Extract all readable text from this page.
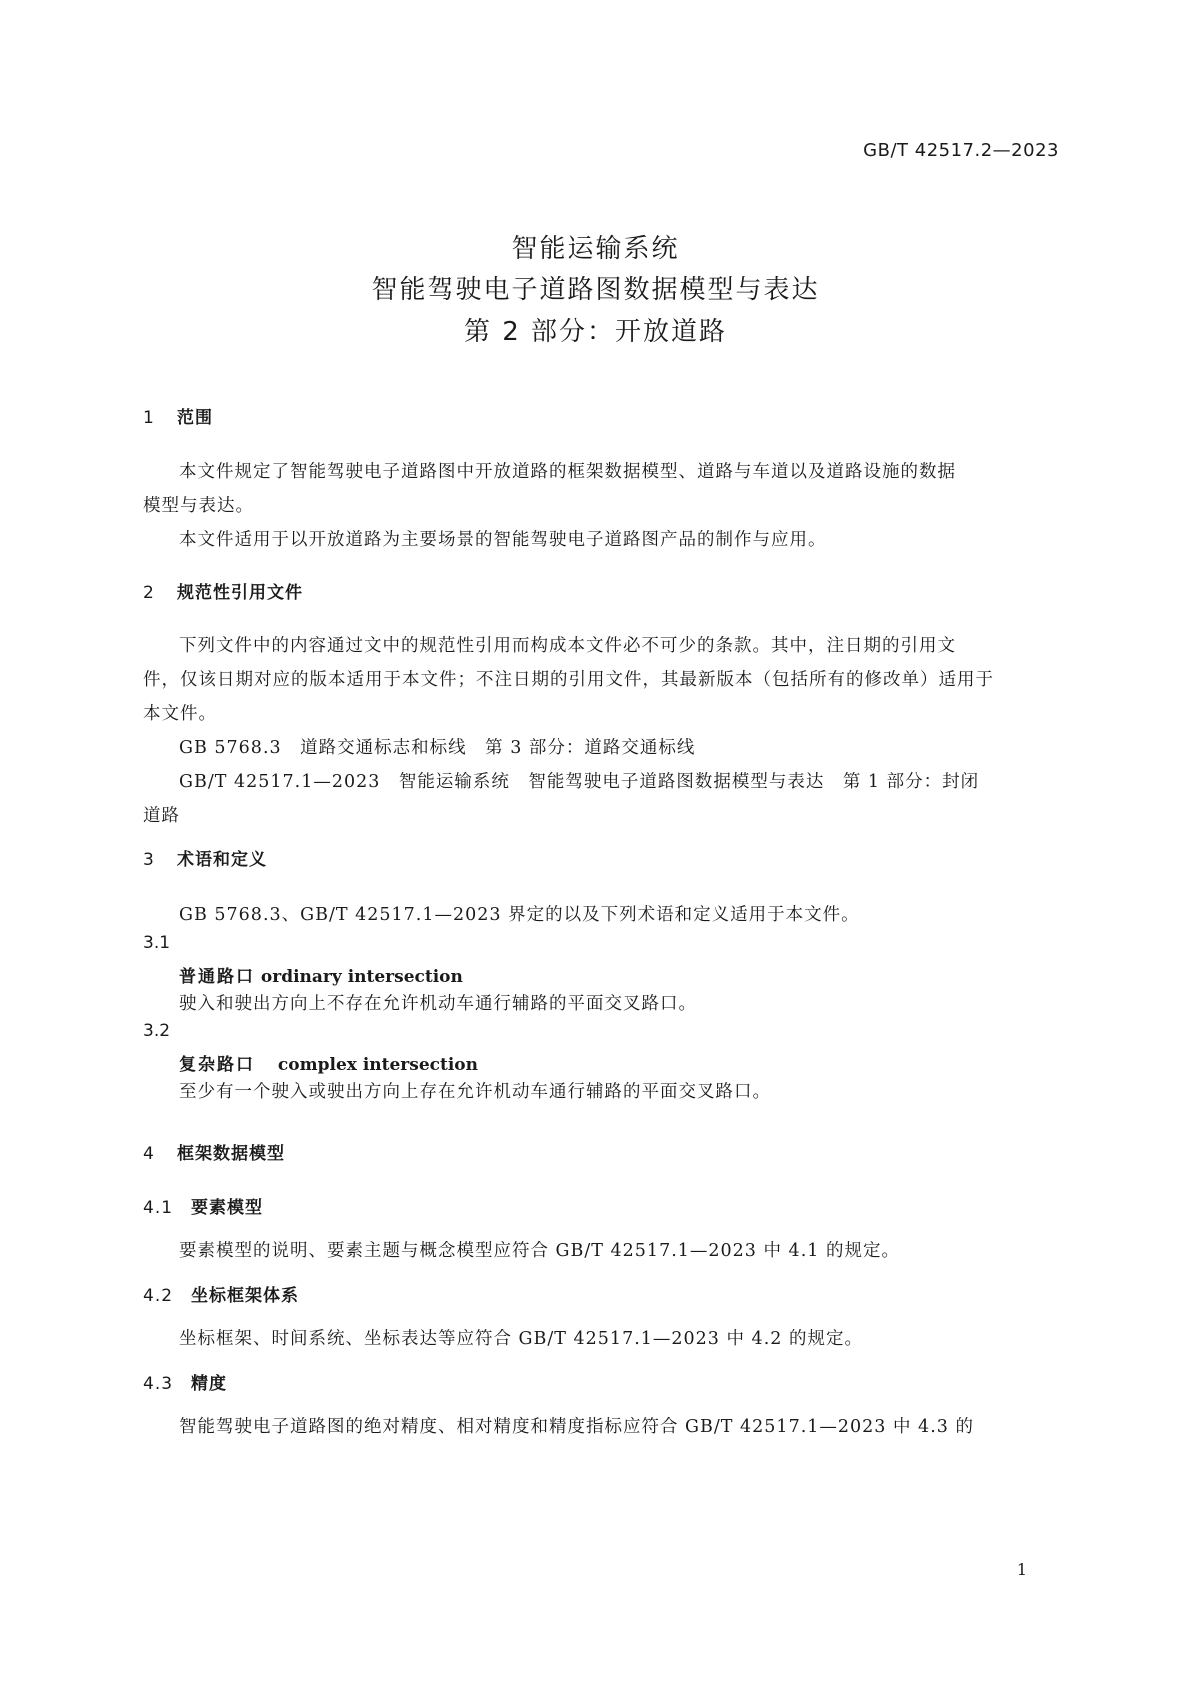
GB/T 42517.2—2023
智能运输系统
智能驾驶电子道路图数据模型与表达
第 2 部分：开放道路
1 范围
本文件规定了智能驾驶电子道路图中开放道路的框架数据模型、道路与车道以及道路设施的数据
模型与表达。
本文件适用于以开放道路为主要场景的智能驾驶电子道路图产品的制作与应用。
2 规范性引用文件
下列文件中的内容通过文中的规范性引用而构成本文件必不可少的条款。其中，注日期的引用文
件，仅该日期对应的版本适用于本文件；不注日期的引用文件，其最新版本（包括所有的修改单）适用于
本文件。
GB 5768.3　道路交通标志和标线　第 3 部分：道路交通标线
GB/T 42517.1—2023　智能运输系统　智能驾驶电子道路图数据模型与表达　第 1 部分：封闭
道路
3 术语和定义
GB 5768.3、GB/T 42517.1—2023 界定的以及下列术语和定义适用于本文件。
3.1
普通路口 ordinary intersection
驶入和驶出方向上不存在允许机动车通行辅路的平面交叉路口。
3.2
复杂路口　 complex intersection
至少有一个驶入或驶出方向上存在允许机动车通行辅路的平面交叉路口。
4 框架数据模型
4.1 要素模型
要素模型的说明、要素主题与概念模型应符合 GB/T 42517.1—2023 中 4.1 的规定。
4.2 坐标框架体系
坐标框架、时间系统、坐标表达等应符合 GB/T 42517.1—2023 中 4.2 的规定。
4.3 精度
智能驾驶电子道路图的绝对精度、相对精度和精度指标应符合 GB/T 42517.1—2023 中 4.3 的
1
